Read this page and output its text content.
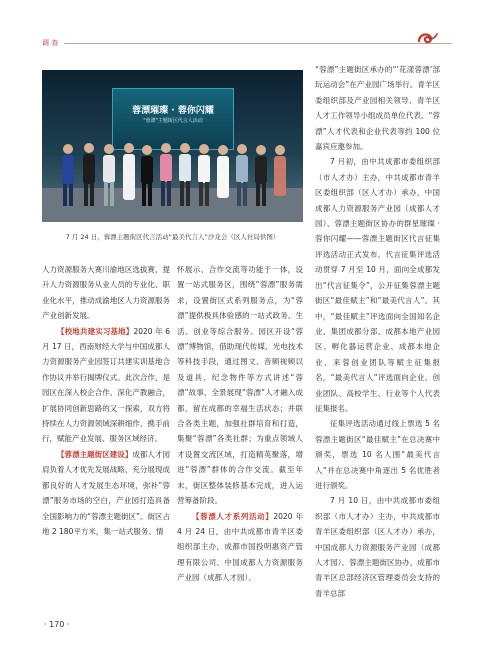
调 查
蓉漂璀璨 · 蓉你闪耀
"蓉漂"主题街区代言人活动
7 月 24 日，蓉漂主题街区代言活动“最美代言人”沙龙会（区人社局供图）

人力资源服务大赛川渝地区选拔赛，提升人力资源服务从业人员的专业化、职业化水平，推动成渝地区人力资源服务产业创新发展。

【校地共建实习基地】2020 年 6 月 17 日，西南财经大学与中国成都人力资源服务产业园签订共建实训基地合作协议并举行揭牌仪式。此次合作，是园区在深入校企合作、深化产教融合，扩展协同创新思路的又一探索，双方将持续在人力资源领域深耕细作，携手前行，赋能产业发展、服务区域经济。

【蓉漂主题街区建设】成都人才园肩负着人才优先发展战略，充分展现成都良好的人才发展生态环境，弥补“蓉漂”服务市场的空白，产业园打造具备全国影响力的“蓉漂主题街区”。街区占地 2 180平方米，集一站式服务、情

怀展示、合作交流等功能于一体，设置一站式服务区，围绕“蓉漂”服务需求，设置街区式系列服务点，为“蓉漂”提供极具体验感的一站式政务、生活、创业等综合服务。园区开设“蓉漂”博物馆，借助现代传媒、光电技术等科技手段，通过图文、音频视频以及道具、纪念物件等方式讲述“蓉漂”故事，全景展现“蓉漂”人才融入成都、留在成都的幸福生活状态；并联合各类主题，加强社群培育和打造，集聚“蓉漂”各类社群；为重点领域人才设置交流区域，打造精英聚落，增进“蓉漂”群体的合作交流。截至年末，街区整体装修基本完成，进入运营筹备阶段。

【蓉漂人才系列活动】2020 年 4 月 24 日，由中共成都市青羊区委组织部主办，成都市国投明惠资产管理有限公司、中国成都人力资源服务产业园（成都人才园）、

“蓉漂”主题街区承办的“‘花漾蓉漂’部玩运动会”在产业园广场举行。青羊区委组织部及产业园相关领导、青羊区人才工作领导小组成员单位代表、“蓉漂”人才代表和企业代表等约 100 位嘉宾应邀参加。

7 月初，由中共成都市委组织部（市人才办）主办，中共成都市青羊区委组织部（区人才办）承办，中国成都人力资源服务产业园（成都人才园）、蓉漂主题街区协办的群星璀璨 · 蓉你闪耀——蓉漂主题街区代言征集评选活动正式发布。代言征集评选活动贯穿 7 月至 10 月，面向全成都发出“代言征集令”，公开征集蓉漂主题街区“最佳赋主”和“最美代言人”。其中，“最佳赋主”评选面向全国知名企业、集团成都分部、成都本地产业园区、孵化器运营企业、成都本地企业、来蓉创业团队等赋主征集报名，“最美代言人”评选面向企业、创业团队、高校学生、行业等个人代表征集报名。

征集评选活动通过线上票选 5 名蓉漂主题街区“最佳赋主”在总决赛中颁奖，票选 10 名人围“最美代言人”并在总决赛中角逐出 5 名优胜者进行颁奖。

7 月 10 日，由中共成都市委组织部（市人才办）主办，中共成都市青羊区委组织部（区人才办）承办，中国成都人力资源服务产业园（成都人才园）、蓉漂主题街区协办，成都市青羊区总部经济区管理委员会支持的青羊总部

· 170 ·
